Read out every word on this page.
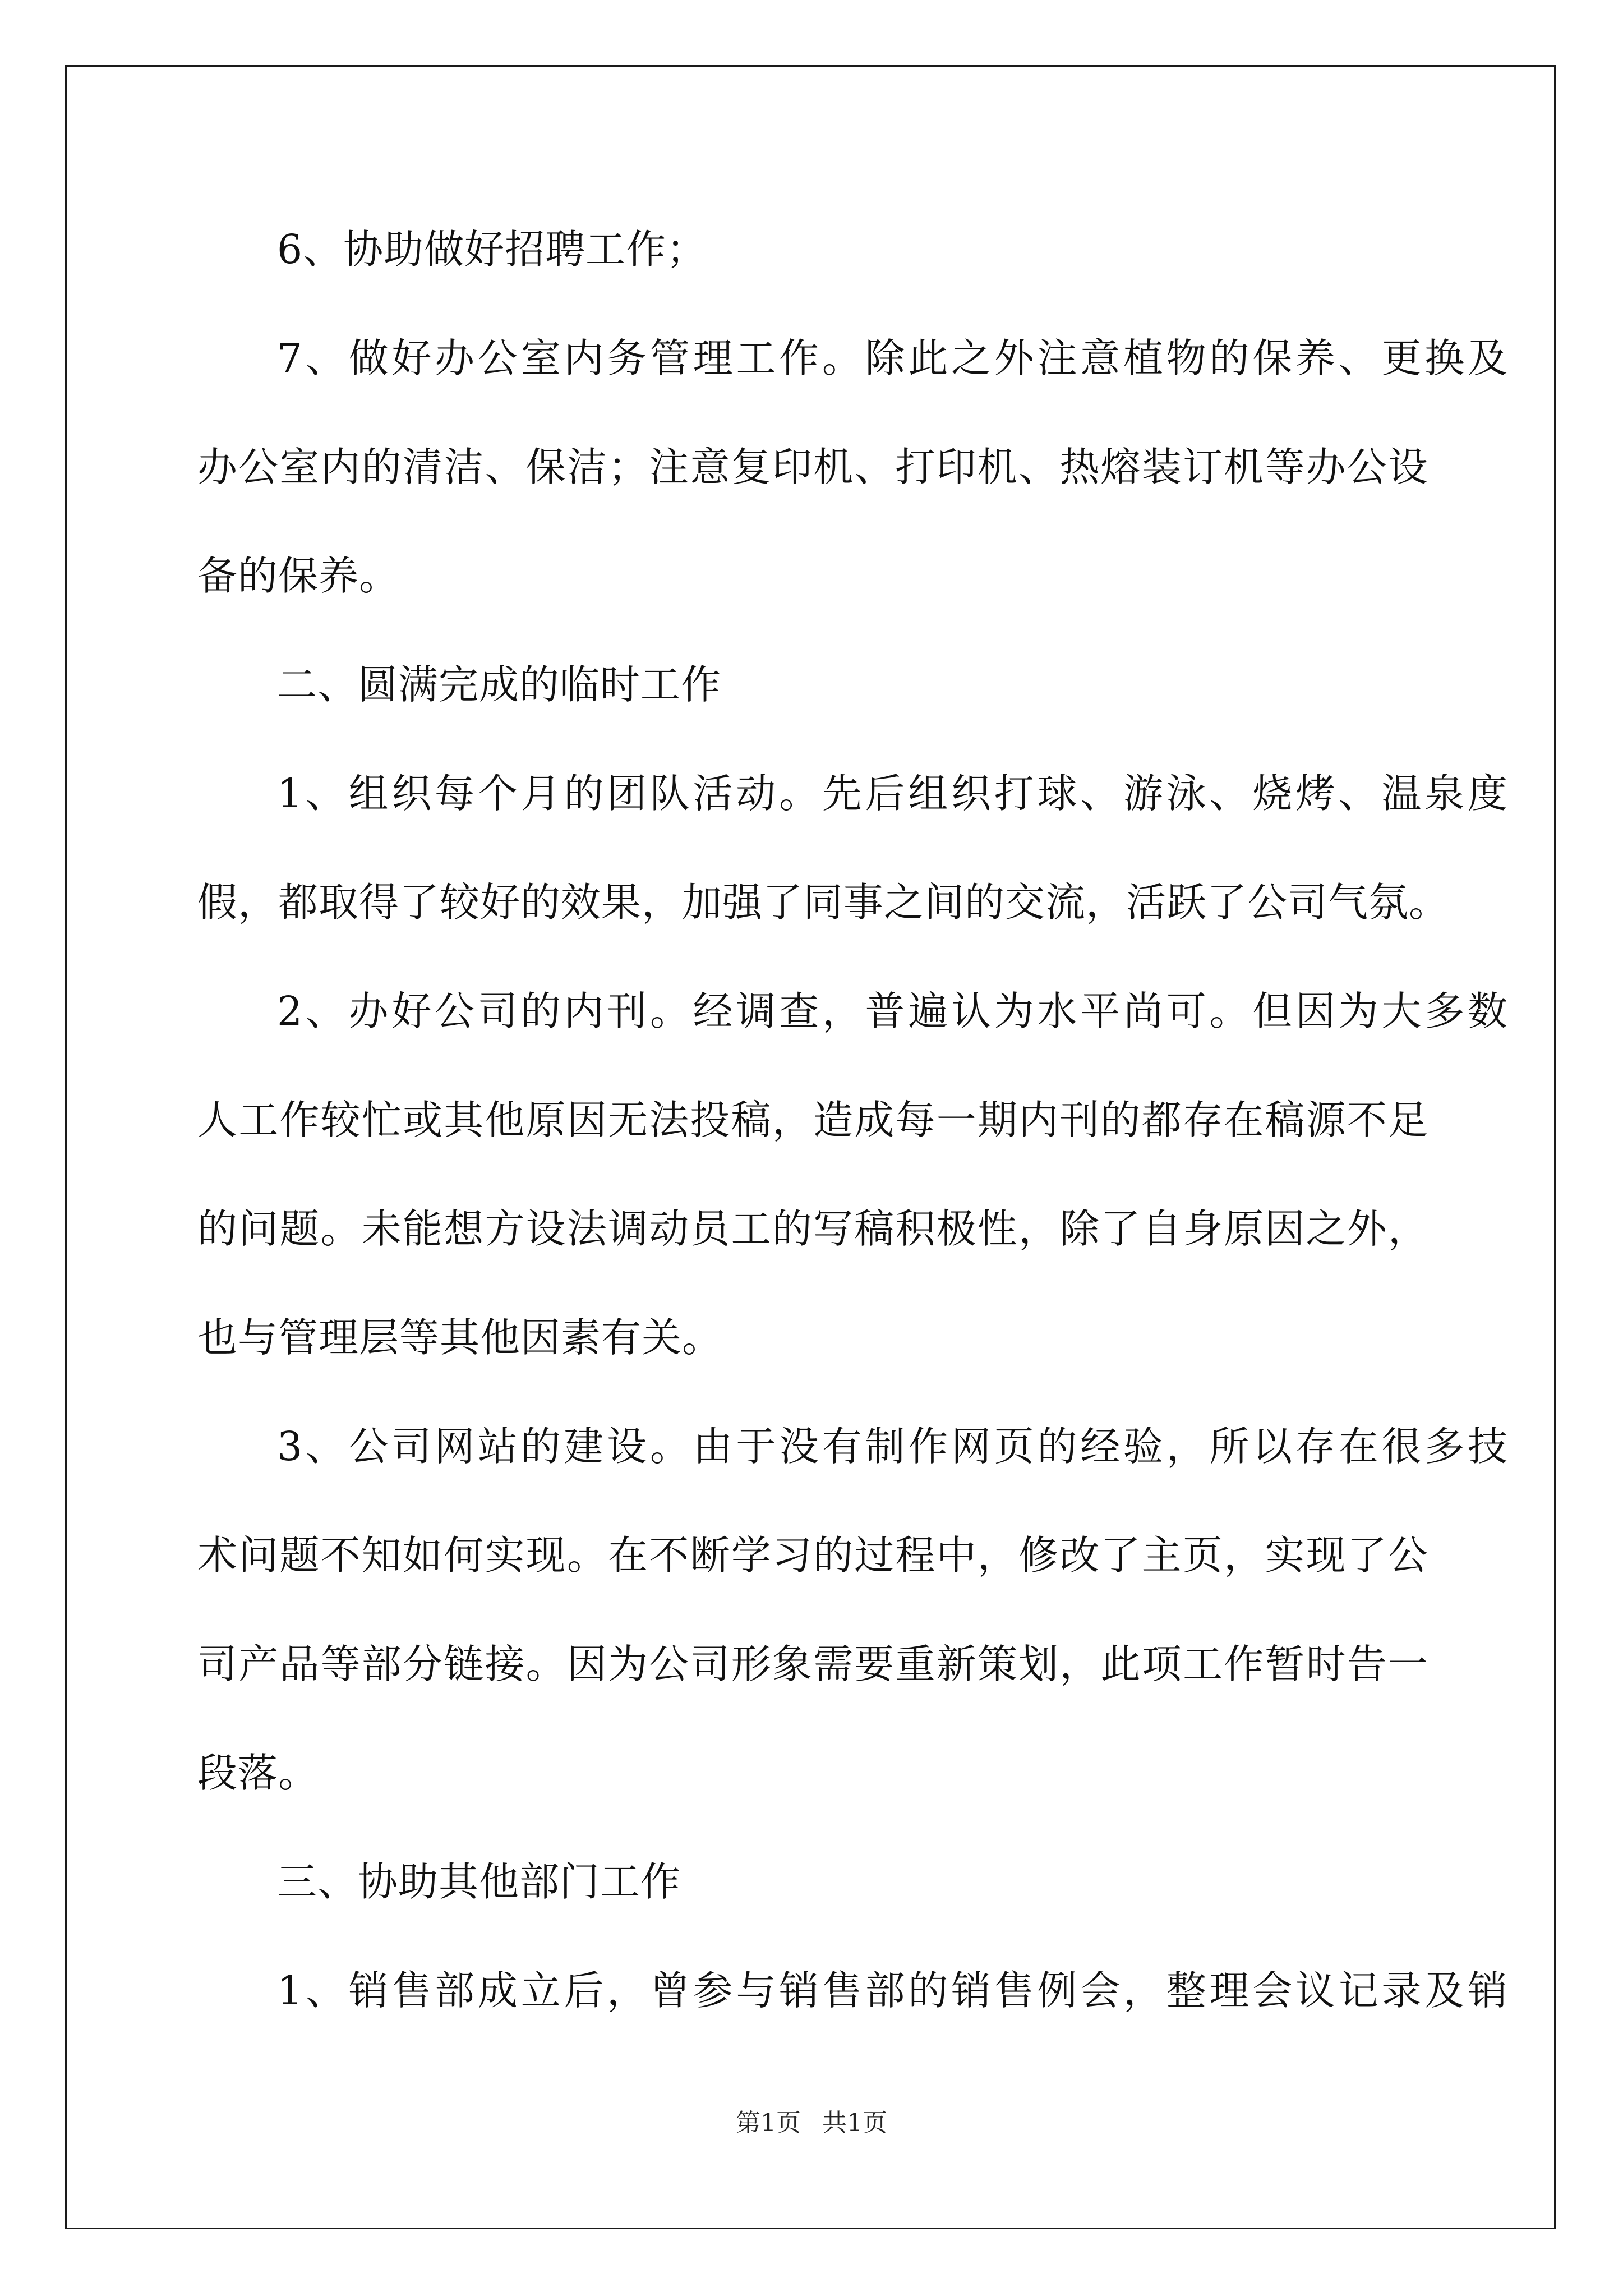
6、协助做好招聘工作；
7、做好办公室内务管理工作。除此之外注意植物的保养、更换及
办公室内的清洁、保洁；注意复印机、打印机、热熔装订机等办公设
备的保养。
二、圆满完成的临时工作
1、组织每个月的团队活动。先后组织打球、游泳、烧烤、温泉度
假，都取得了较好的效果，加强了同事之间的交流，活跃了公司气氛。
2、办好公司的内刊。经调查，普遍认为水平尚可。但因为大多数
人工作较忙或其他原因无法投稿，造成每一期内刊的都存在稿源不足
的问题。未能想方设法调动员工的写稿积极性，除了自身原因之外，
也与管理层等其他因素有关。
3、公司网站的建设。由于没有制作网页的经验，所以存在很多技
术问题不知如何实现。在不断学习的过程中，修改了主页，实现了公
司产品等部分链接。因为公司形象需要重新策划，此项工作暂时告一
段落。
三、协助其他部门工作
1、销售部成立后，曾参与销售部的销售例会，整理会议记录及销
第1页 共1页
